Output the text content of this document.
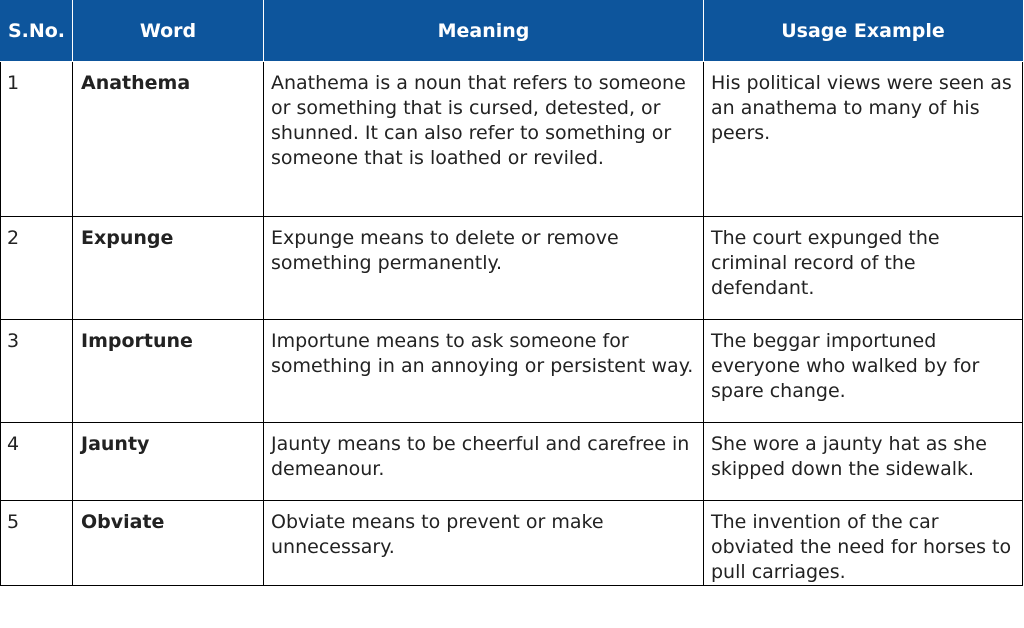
S.No.	Word	Meaning	Usage Example

1	Anathema	Anathema is a noun that refers to someone or something that is cursed, detested, or shunned. It can also refer to something or someone that is loathed or reviled.	His political views were seen as an anathema to many of his peers.

2	Expunge	Expunge means to delete or remove something permanently.	The court expunged the criminal record of the defendant.

3	Importune	Importune means to ask someone for something in an annoying or persistent way.	The beggar importuned everyone who walked by for spare change.

4	Jaunty	Jaunty means to be cheerful and carefree in demeanour.	She wore a jaunty hat as she skipped down the sidewalk.

5	Obviate	Obviate means to prevent or make unnecessary.	The invention of the car obviated the need for horses to pull carriages.
